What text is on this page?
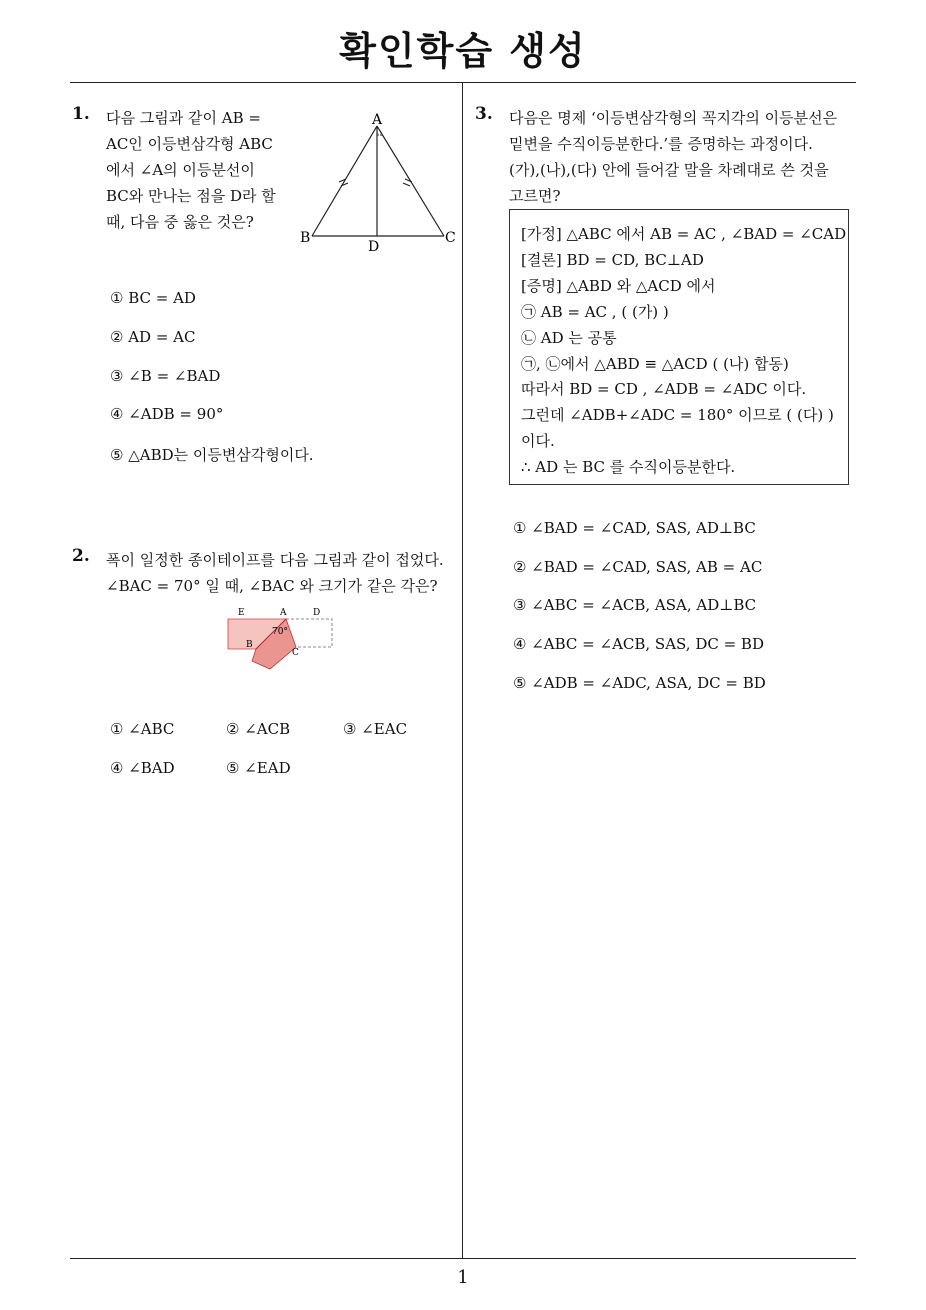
확인학습 생성
1. 다음 그림과 같이 AB =
AC인 이등변삼각형 ABC
에서 ∠A의 이등분선이
BC와 만나는 점을 D라 할
때, 다음 중 옳은 것은?
°°
A
B	C
D
① BC = AD
② AD = AC
③ ∠B = ∠BAD
④ ∠ADB = 90°
⑤ △ABD는 이등변삼각형이다.
2. 폭이 일정한 종이테이프를 다음 그림과 같이 접었다.
∠BAC = 70° 일 때, ∠BAC 와 크기가 같은 각은?
E	A	D
B
C
70°
① ∠ABC	② ∠ACB	③ ∠EAC
④ ∠BAD	⑤ ∠EAD
3. 다음은 명제 ‘이등변삼각형의 꼭지각의 이등분선은
밑변을 수직이등분한다.’를 증명하는 과정이다.
(가),(나),(다) 안에 들어갈 말을 차례대로 쓴 것을
고르면?
[가정] △ABC 에서 AB = AC , ∠BAD = ∠CAD
[결론] BD = CD, BC⊥AD
[증명] △ABD 와 △ACD 에서
㉠ AB = AC , ( (가) )
㉡ AD 는 공통
㉠, ㉡에서 △ABD ≡ △ACD ( (나) 합동)
따라서 BD = CD , ∠ADB = ∠ADC 이다.
그런데 ∠ADB+∠ADC = 180° 이므로 ( (다) )
이다.
∴ AD 는 BC 를 수직이등분한다.
① ∠BAD = ∠CAD, SAS, AD⊥BC
② ∠BAD = ∠CAD, SAS, AB = AC
③ ∠ABC = ∠ACB, ASA, AD⊥BC
④ ∠ABC = ∠ACB, SAS, DC = BD
⑤ ∠ADB = ∠ADC, ASA, DC = BD
1
